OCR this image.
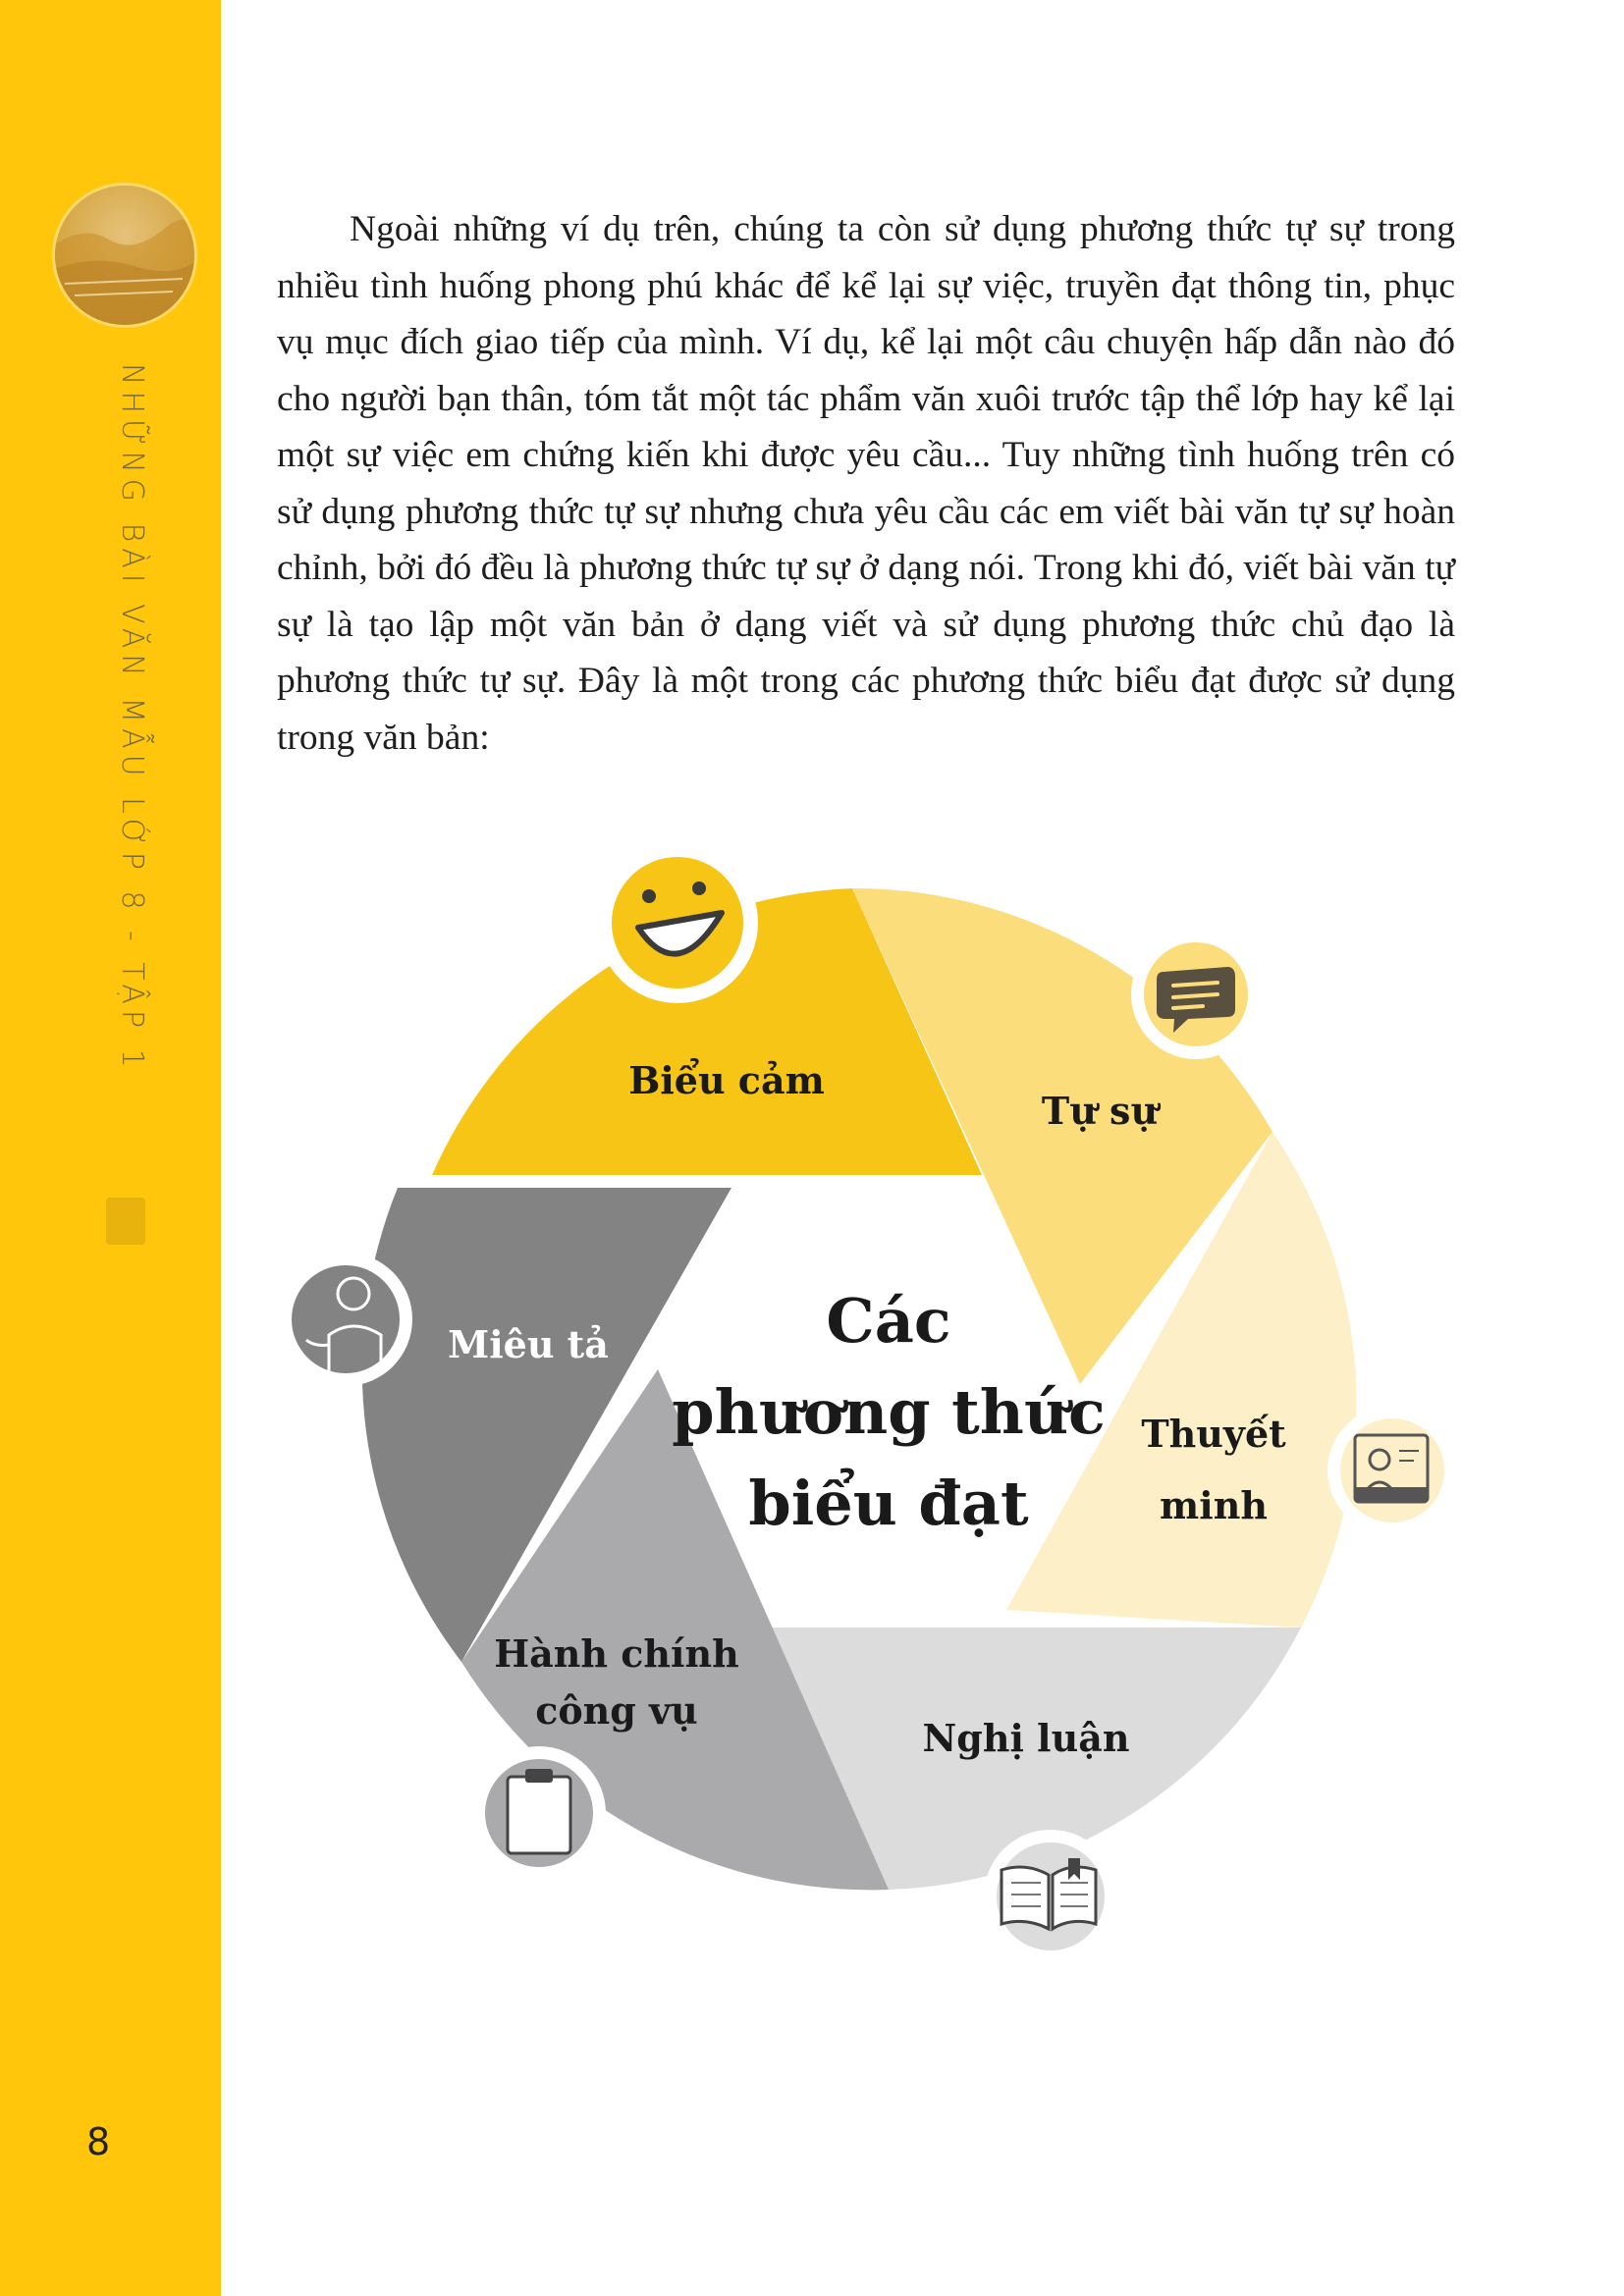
NHỮNG BÀI VĂN MẪU LỚP 8 - TẬP 1
8

Ngoài những ví dụ trên, chúng ta còn sử dụng phương thức tự sự trong nhiều tình huống phong phú khác để kể lại sự việc, truyền đạt thông tin, phục vụ mục đích giao tiếp của mình. Ví dụ, kể lại một câu chuyện hấp dẫn nào đó cho người bạn thân, tóm tắt một tác phẩm văn xuôi trước tập thể lớp hay kể lại một sự việc em chứng kiến khi được yêu cầu... Tuy những tình huống trên có sử dụng phương thức tự sự nhưng chưa yêu cầu các em viết bài văn tự sự hoàn chỉnh, bởi đó đều là phương thức tự sự ở dạng nói. Trong khi đó, viết bài văn tự sự là tạo lập một văn bản ở dạng viết và sử dụng phương thức chủ đạo là phương thức tự sự. Đây là một trong các phương thức biểu đạt được sử dụng trong văn bản:

Biểu cảm
Tự sự
Thuyết
minh
Nghị luận
Hành chính
công vụ
Miêu tả	Các
phương thức
biểu đạt
